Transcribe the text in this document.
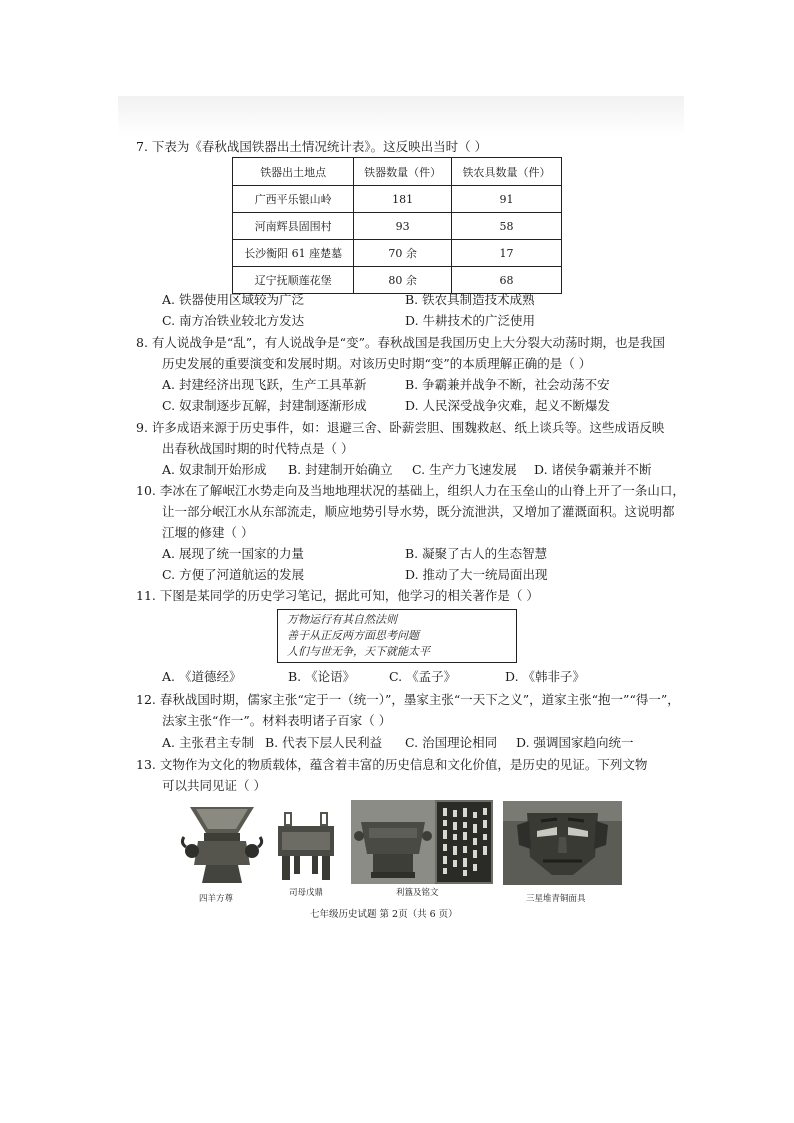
7. 下表为《春秋战国铁器出土情况统计表》。这反映出当时（ ）
铁器出土地点	铁器数量（件）	铁农具数量（件）
广西平乐银山岭	181	91
河南辉县固围村	93	58
长沙衡阳 61 座楚墓	70 余	17
辽宁抚顺莲花堡	80 余	68
A. 铁器使用区域较为广泛	B. 铁农具制造技术成熟
C. 南方冶铁业较北方发达	D. 牛耕技术的广泛使用
8. 有人说战争是“乱”，有人说战争是“变”。春秋战国是我国历史上大分裂大动荡时期，也是我国
历史发展的重要演变和发展时期。对该历史时期“变”的本质理解正确的是（ ）
A. 封建经济出现飞跃，生产工具革新	B. 争霸兼并战争不断，社会动荡不安
C. 奴隶制逐步瓦解，封建制逐渐形成	D. 人民深受战争灾难，起义不断爆发
9. 许多成语来源于历史事件，如：退避三舍、卧薪尝胆、围魏救赵、纸上谈兵等。这些成语反映
出春秋战国时期的时代特点是（ ）
A. 奴隶制开始形成 B. 封建制开始确立 C. 生产力飞速发展 D. 诸侯争霸兼并不断
10. 李冰在了解岷江水势走向及当地地理状况的基础上，组织人力在玉垒山的山脊上开了一条山口，
让一部分岷江水从东部流走，顺应地势引导水势，既分流泄洪，又增加了灌溉面积。这说明都
江堰的修建（ ）
A. 展现了统一国家的力量	B. 凝聚了古人的生态智慧
C. 方便了河道航运的发展	D. 推动了大一统局面出现
11. 下图是某同学的历史学习笔记，据此可知，他学习的相关著作是（ ）
万物运行有其自然法则
善于从正反两方面思考问题
人们与世无争，天下就能太平
A. 《道德经》	B. 《论语》	C. 《孟子》	D. 《韩非子》
12. 春秋战国时期，儒家主张“定于一（统一）”，墨家主张“一天下之义”，道家主张“抱一”“得一”，
法家主张“作一”。材料表明诸子百家（ ）
A. 主张君主专制 B. 代表下层人民利益 C. 治国理论相同 D. 强调国家趋向统一
13. 文物作为文化的物质载体，蕴含着丰富的历史信息和文化价值，是历史的见证。下列文物
可以共同见证（ ）
四羊方尊
司母戊鼎	利簋及铭文
三星堆青铜面具
七年级历史试题 第 2页（共 6 页）
